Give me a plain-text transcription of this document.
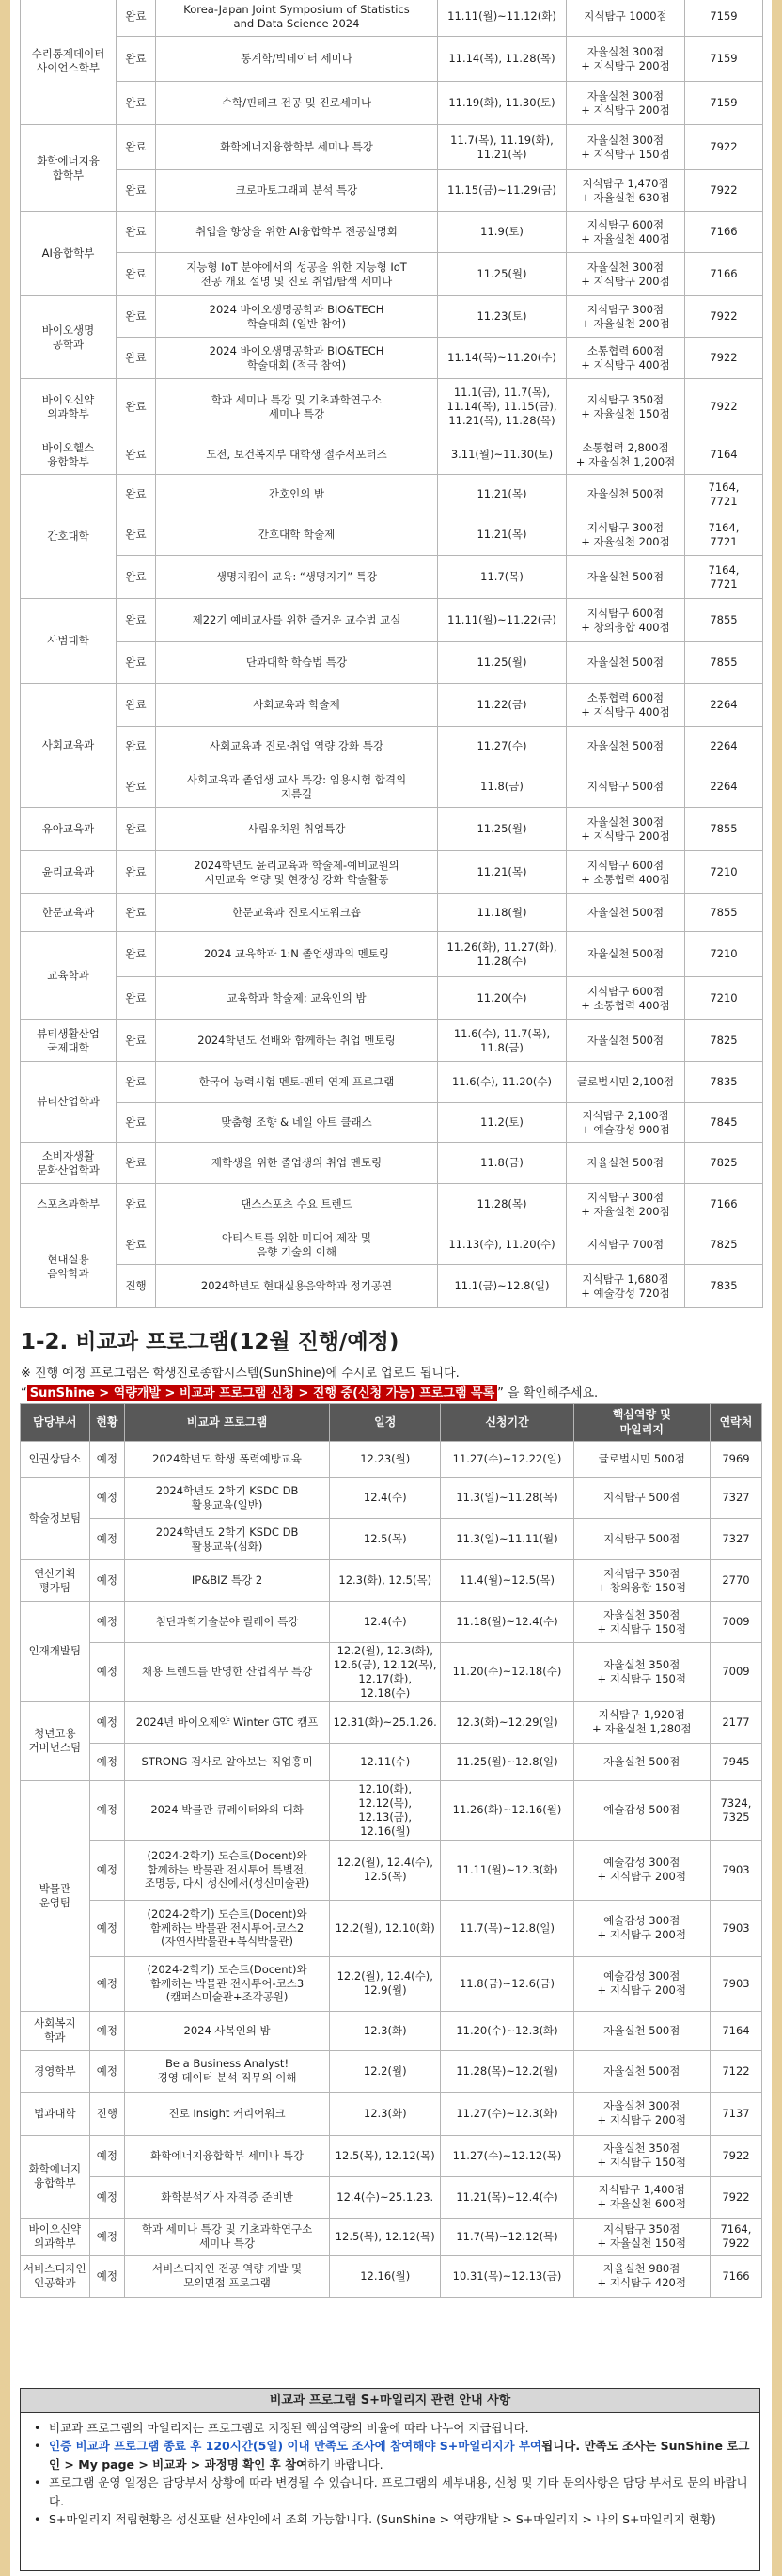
수리통계데이터
사이언스학부	완료	Korea-Japan Joint Symposium of Statistics
and Data Science 2024	11.11(월)~11.12(화)	지식탐구 1000점	7159

	완료	통계학/빅데이터 세미나	11.14(목), 11.28(목)	자율실천 300점
+ 지식탐구 200점	7159

	완료	수학/핀테크 전공 및 진로세미나	11.19(화), 11.30(토)	자율실천 300점
+ 지식탐구 200점	7159

화학에너지융
합학부	완료	화학에너지융합학부 세미나 특강	11.7(목), 11.19(화),
11.21(목)	자율실천 300점
+ 지식탐구 150점	7922

	완료	크로마토그래피 분석 특강	11.15(금)~11.29(금)	지식탐구 1,470점
+ 자율실천 630점	7922

AI융합학부	완료	취업을 향상을 위한 AI융합학부 전공설명회	11.9(토)	지식탐구 600점
+ 자율실천 400점	7166

	완료	지능형 IoT 분야에서의 성공을 위한 지능형 IoT
전공 개요 설명 및 진로 취업/탐색 세미나	11.25(월)	자율실천 300점
+ 지식탐구 200점	7166

바이오생명
공학과	완료	2024 바이오생명공학과 BIO&TECH
학술대회 (일반 참여)	11.23(토)	지식탐구 300점
+ 자율실천 200점	7922

	완료	2024 바이오생명공학과 BIO&TECH
학술대회 (적극 참여)	11.14(목)~11.20(수)	소통협력 600점
+ 지식탐구 400점	7922

바이오신약
의과학부	완료	학과 세미나 특강 및 기초과학연구소
세미나 특강	11.1(금), 11.7(목),
11.14(목), 11.15(금),
11.21(목), 11.28(목)	지식탐구 350점
+ 자율실천 150점	7922

바이오헬스
융합학부	완료	도전, 보건복지부 대학생 절주서포터즈	3.11(월)~11.30(토)	소통협력 2,800점
+ 자율실천 1,200점	7164

간호대학	완료	간호인의 밤	11.21(목)	자율실천 500점	7164,
7721

	완료	간호대학 학술제	11.21(목)	지식탐구 300점
+ 자율실천 200점	7164,
7721

	완료	생명지킴이 교육: “생명지기” 특강	11.7(목)	자율실천 500점	7164,
7721

사범대학	완료	제22기 예비교사를 위한 즐거운 교수법 교실	11.11(월)~11.22(금)	지식탐구 600점
+ 창의융합 400점	7855

	완료	단과대학 학습법 특강	11.25(월)	자율실천 500점	7855

사회교육과	완료	사회교육과 학술제	11.22(금)	소통협력 600점
+ 지식탐구 400점	2264

	완료	사회교육과 진로·취업 역량 강화 특강	11.27(수)	자율실천 500점	2264

	완료	사회교육과 졸업생 교사 특강: 임용시험 합격의
지름길	11.8(금)	지식탐구 500점	2264

유아교육과	완료	사립유치원 취업특강	11.25(월)	자율실천 300점
+ 지식탐구 200점	7855

윤리교육과	완료	2024학년도 윤리교육과 학술제-예비교원의
시민교육 역량 및 현장성 강화 학술활동	11.21(목)	지식탐구 600점
+ 소통협력 400점	7210

한문교육과	완료	한문교육과 진로지도워크숍	11.18(월)	자율실천 500점	7855

교육학과	완료	2024 교육학과 1:N 졸업생과의 멘토링	11.26(화), 11.27(화),
11.28(수)	자율실천 500점	7210

	완료	교육학과 학술제: 교육인의 밤	11.20(수)	지식탐구 600점
+ 소통협력 400점	7210

뷰티생활산업
국제대학	완료	2024학년도 선배와 함께하는 취업 멘토링	11.6(수), 11.7(목),
11.8(금)	자율실천 500점	7825

뷰티산업학과	완료	한국어 능력시험 멘토-멘티 연계 프로그램	11.6(수), 11.20(수)	글로벌시민 2,100점	7835

	완료	맞춤형 조향 & 네일 아트 클래스	11.2(토)	지식탐구 2,100점
+ 예술감성 900점	7845

소비자생활
문화산업학과	완료	재학생을 위한 졸업생의 취업 멘토링	11.8(금)	자율실천 500점	7825

스포츠과학부	완료	댄스스포츠 수요 트렌드	11.28(목)	지식탐구 300점
+ 자율실천 200점	7166

현대실용
음악학과	완료	아티스트를 위한 미디어 제작 및
음향 기술의 이해	11.13(수), 11.20(수)	지식탐구 700점	7825

	진행	2024학년도 현대실용음악학과 정기공연	11.1(금)~12.8(일)	지식탐구 1,680점
+ 예술감성 720점	7835
1-2. 비교과 프로그램(12월 진행/예정)
※ 진행 예정 프로그램은 학생진로종합시스템(SunShine)에 수시로 업로드 됩니다.
“ SunShine > 역량개발 > 비교과 프로그램 신청 > 진행 중(신청 가능) 프로그램 목록 ” 을 확인해주세요.
담당부서	현황	비교과 프로그램	일정	신청기간	핵심역량 및
마일리지	연락처

인권상담소	예정	2024학년도 학생 폭력예방교육	12.23(월)	11.27(수)~12.22(일)	글로벌시민 500점	7969

학술정보팀	예정	2024학년도 2학기 KSDC DB
활용교육(일반)	12.4(수)	11.3(일)~11.28(목)	지식탐구 500점	7327

	예정	2024학년도 2학기 KSDC DB
활용교육(심화)	12.5(목)	11.3(일)~11.11(월)	지식탐구 500점	7327

연산기획
평가팀	예정	IP&BIZ 특강 2	12.3(화), 12.5(목)	11.4(월)~12.5(목)	지식탐구 350점
+ 창의융합 150점	2770

인재개발팀	예정	첨단과학기술분야 릴레이 특강	12.4(수)	11.18(월)~12.4(수)	자율실천 350점
+ 지식탐구 150점	7009

	예정	채용 트렌드를 반영한 산업직무 특강	12.2(월), 12.3(화),
12.6(금), 12.12(목),
12.17(화), 12.18(수)	11.20(수)~12.18(수)	자율실천 350점
+ 지식탐구 150점	7009

청년고용
거버넌스팀	예정	2024년 바이오제약 Winter GTC 캠프	12.31(화)~25.1.26.	12.3(화)~12.29(일)	지식탐구 1,920점
+ 자율실천 1,280점	2177

	예정	STRONG 검사로 알아보는 직업흥미	12.11(수)	11.25(월)~12.8(일)	자율실천 500점	7945

박물관
운영팀	예정	2024 박물관 큐레이터와의 대화	12.10(화), 12.12(목),
12.13(금), 12.16(월)	11.26(화)~12.16(월)	예술감성 500점	7324,
7325

	예정	(2024-2학기) 도슨트(Docent)와
함께하는 박물관 전시투어 특별전,
조명등, 다시 성신에서(성신미술관)	12.2(월), 12.4(수),
12.5(목)	11.11(월)~12.3(화)	예술감성 300점
+ 지식탐구 200점	7903

	예정	(2024-2학기) 도슨트(Docent)와
함께하는 박물관 전시투어-코스2
(자연사박물관+복식박물관)	12.2(월), 12.10(화)	11.7(목)~12.8(일)	예술감성 300점
+ 지식탐구 200점	7903

	예정	(2024-2학기) 도슨트(Docent)와
함께하는 박물관 전시투어-코스3
(캠퍼스미술관+조각공원)	12.2(월), 12.4(수),
12.9(월)	11.8(금)~12.6(금)	예술감성 300점
+ 지식탐구 200점	7903

사회복지
학과	예정	2024 사복인의 밤	12.3(화)	11.20(수)~12.3(화)	자율실천 500점	7164

경영학부	예정	Be a Business Analyst!
경영 데이터 분석 직무의 이해	12.2(월)	11.28(목)~12.2(월)	자율실천 500점	7122

법과대학	진행	진로 Insight 커리어워크	12.3(화)	11.27(수)~12.3(화)	자율실천 300점
+ 지식탐구 200점	7137

화학에너지
융합학부	예정	화학에너지융합학부 세미나 특강	12.5(목), 12.12(목)	11.27(수)~12.12(목)	자율실천 350점
+ 지식탐구 150점	7922

	예정	화학분석기사 자격증 준비반	12.4(수)~25.1.23.	11.21(목)~12.4(수)	지식탐구 1,400점
+ 자율실천 600점	7922

바이오신약
의과학부	예정	학과 세미나 특강 및 기초과학연구소
세미나 특강	12.5(목), 12.12(목)	11.7(목)~12.12(목)	지식탐구 350점
+ 자율실천 150점	7164,
7922

서비스디자인
인공학과	예정	서비스디자인 전공 역량 개발 및
모의면접 프로그램	12.16(월)	10.31(목)~12.13(금)	자율실천 980점
+ 지식탐구 420점	7166
비교과 프로그램 S+마일리지 관련 안내 사항
• 비교과 프로그램의 마일리지는 프로그램로 지정된 핵심역량의 비율에 따라 나누어 지급됩니다.
• 인증 비교과 프로그램 종료 후 120시간(5일) 이내 만족도 조사에 참여해야 S+마일리지가 부여됩니다. 만족도 조사는 SunShine 로그인 > My page > 비교과 > 과정명 확인 후 참여하기 바랍니다.
• 프로그램 운영 일정은 담당부서 상황에 따라 변경될 수 있습니다. 프로그램의 세부내용, 신청 및 기타 문의사항은 담당 부서로 문의 바랍니다.
• S+마일리지 적립현황은 성신포탈 선샤인에서 조회 가능합니다. (SunShine > 역량개발 > S+마일리지 > 나의 S+마일리지 현황)
